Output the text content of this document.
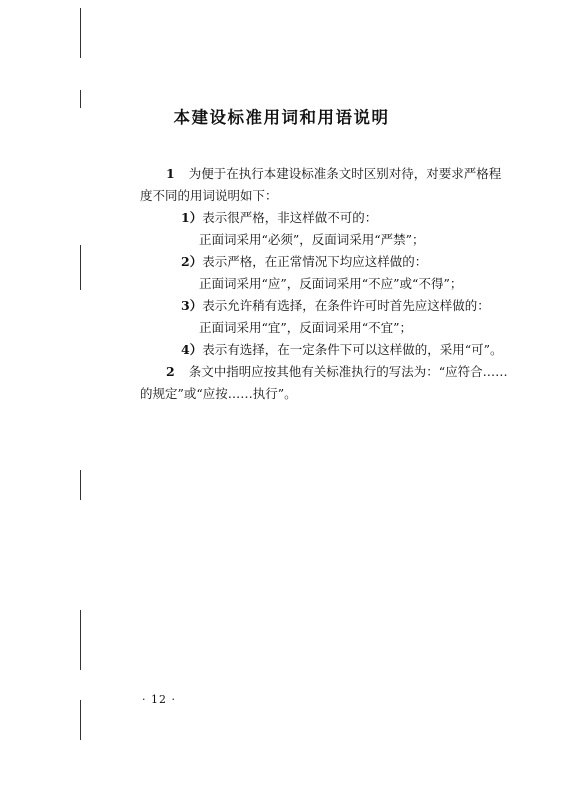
本建设标准用词和用语说明
1 为便于在执行本建设标准条文时区别对待，对要求严格程
度不同的用词说明如下：
1）表示很严格，非这样做不可的：
正面词采用“必须”，反面词采用“严禁”；
2）表示严格，在正常情况下均应这样做的：
正面词采用“应”，反面词采用“不应”或“不得”；
3）表示允许稍有选择，在条件许可时首先应这样做的：
正面词采用“宜”，反面词采用“不宜”；
4）表示有选择，在一定条件下可以这样做的，采用“可”。
2 条文中指明应按其他有关标准执行的写法为：“应符合……
的规定”或“应按……执行”。
· 12 ·
